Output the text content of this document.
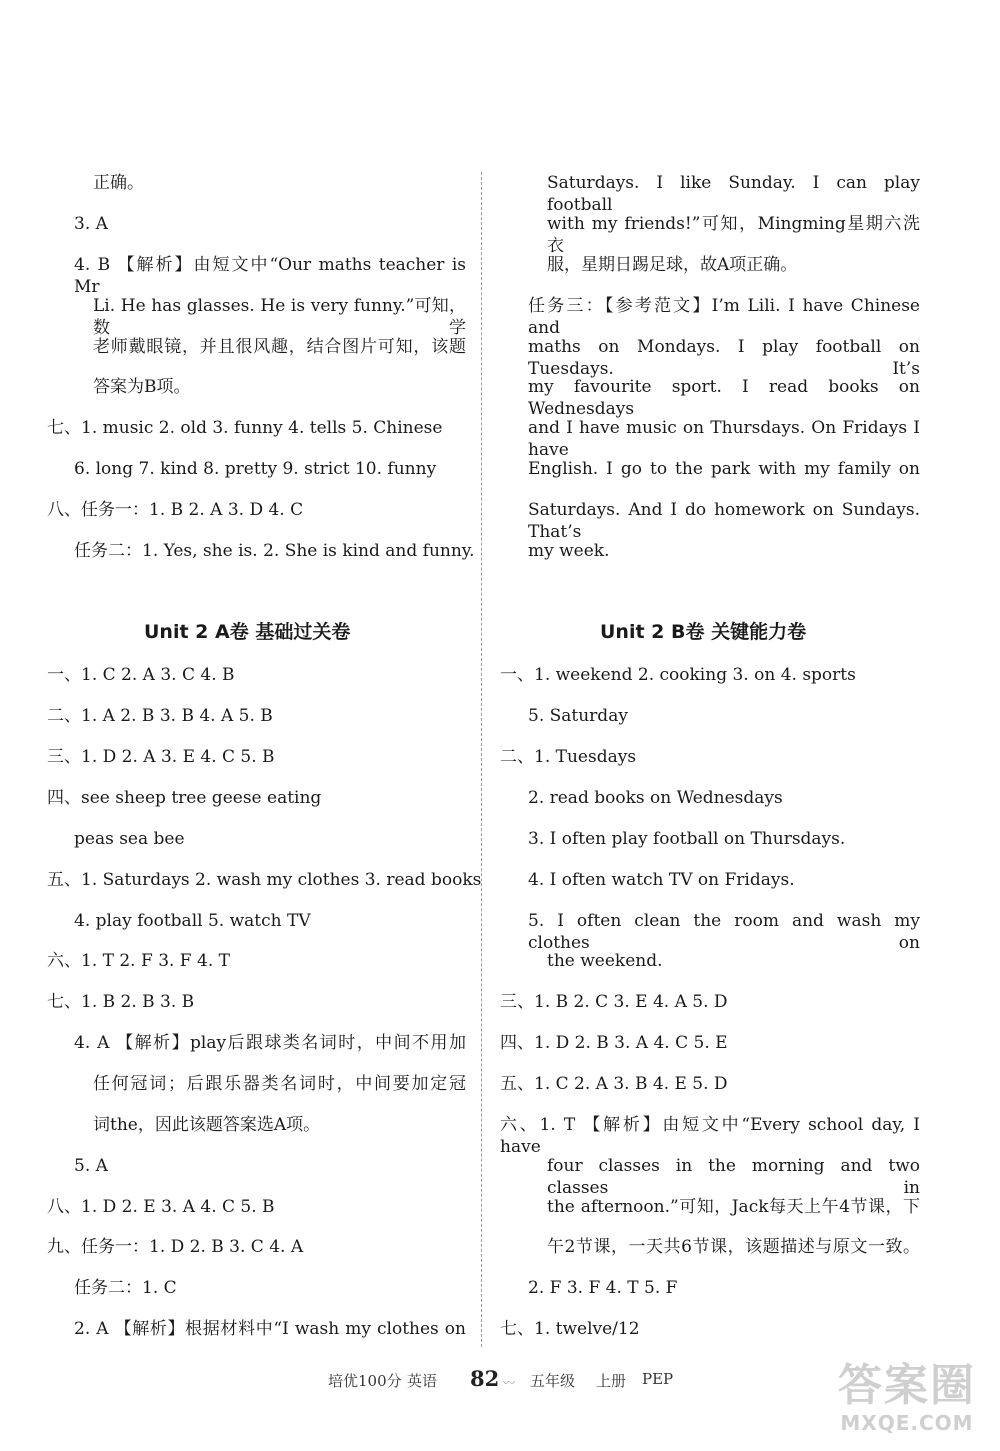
正确。
3. A
4. B 【解析】由短文中“Our maths teacher is Mr
Li. He has glasses. He is very funny.”可知，数学
老师戴眼镜，并且很风趣，结合图片可知，该题
答案为B项。
七、1. music 2. old 3. funny 4. tells 5. Chinese
6. long 7. kind 8. pretty 9. strict 10. funny
八、任务一：1. B 2. A 3. D 4. C
任务二：1. Yes, she is. 2. She is kind and funny.
Unit 2 A卷 基础过关卷
一、1. C 2. A 3. C 4. B
二、1. A 2. B 3. B 4. A 5. B
三、1. D 2. A 3. E 4. C 5. B
四、see sheep tree geese eating
peas sea bee
五、1. Saturdays 2. wash my clothes 3. read books
4. play football 5. watch TV
六、1. T 2. F 3. F 4. T
七、1. B 2. B 3. B
4. A 【解析】play后跟球类名词时，中间不用加
任何冠词；后跟乐器类名词时，中间要加定冠
词the，因此该题答案选A项。
5. A
八、1. D 2. E 3. A 4. C 5. B
九、任务一：1. D 2. B 3. C 4. A
任务二：1. C
2. A 【解析】根据材料中“I wash my clothes on
Saturdays. I like Sunday. I can play football
with my friends!”可知，Mingming星期六洗衣
服，星期日踢足球，故A项正确。
任务三：【参考范文】I’m Lili. I have Chinese and
maths on Mondays. I play football on Tuesdays. It’s
my favourite sport. I read books on Wednesdays
and I have music on Thursdays. On Fridays I have
English. I go to the park with my family on
Saturdays. And I do homework on Sundays. That’s
my week.
Unit 2 B卷 关键能力卷
一、1. weekend 2. cooking 3. on 4. sports
5. Saturday
二、1. Tuesdays
2. read books on Wednesdays
3. I often play football on Thursdays.
4. I often watch TV on Fridays.
5. I often clean the room and wash my clothes on
the weekend.
三、1. B 2. C 3. E 4. A 5. D
四、1. D 2. B 3. A 4. C 5. E
五、1. C 2. A 3. B 4. E 5. D
六、1. T 【解析】由短文中“Every school day, I have
four classes in the morning and two classes in
the afternoon.”可知，Jack每天上午4节课，下
午2节课，一天共6节课，该题描述与原文一致。
2. F 3. F 4. T 5. F
七、1. twelve/12
培优100分 英语 82 〰 五年级 上册 PEP	答案圈
MXQE.COM
